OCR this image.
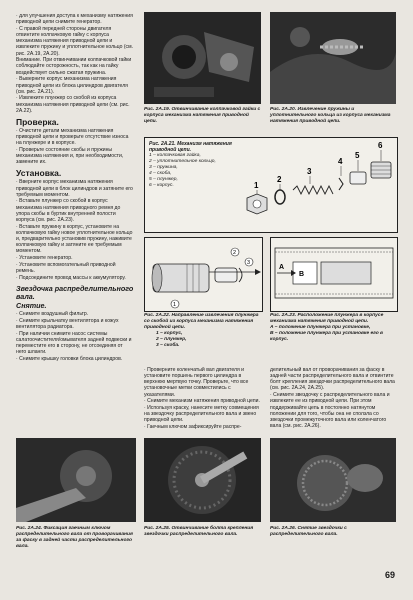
· для улучшения доступа к механизму натяжения приводной цепи снимите генератор.

· С правой передней стороны двигателя отвинтите колпачковую гайку с корпуса механизма натяжения приводной цепи и извлеките пружину и уплотнительное кольцо (см. рис. 2А.19, 2А.20).

Внимание. При отвинчивании колпачковой гайки соблюдайте осторожность, так как на гайку воздействует сильно сжатая пружина.

· Выверните корпус механизма натяжения приводной цепи из блока цилиндров двигателя (см. рис. 2А.21).

· Извлеките плунжер со скобой из корпуса механизма натяжения приводной цепи (см. рис. 2А.22).

Проверка.

· Очистите детали механизма натяжения приводной цепи и проверьте отсутствие износа на плунжере и в корпусе.

· Проверьте состояние скобы и пружины механизма натяжения и, при необходимости, замените их.

Установка.

· Вверните корпус механизма натяжения приводной цепи в блок цилиндров и затяните его требуемым моментом.

· Вставьте плунжер со скобой в корпус механизма натяжения приводного ремня до упора скобы в буртик внутренней полости корпуса (см. рис. 2А.23).

· Вставьте пружину в корпус, установите на колпачковую гайку новое уплотнительное кольцо и, предварительно установив пружину, наживите колпачковую гайку и затяните ее требуемым моментом.

· Установите генератор.

· Установите вспомогательный приводной ремень.

· Подсоедините провод массы к аккумулятору.

Звездочка распределительного вала.
Снятие.

· Снимите воздушный фильтр.

· Снимите крыльчатку вентилятора и кожух вентилятора радиатора.

· При наличии снимите насос системы салатоочистителя/омывателя задней подвески и переместите его в сторону, не отсоединяя от него шланги.

· Снимите крышку головки блока цилиндров.

Рис. 2А.19. Отвинчивание колпачковой гайки с корпуса механизма натяжения приводной цепи.
Рис. 2А.20. Извлечение пружины и уплотнительного кольца из корпуса механизма натяжения приводной цепи.
Рис. 2А.21. Механизм натяжения приводной цепи.
1 – колпачковая гайка,
2 – уплотнительное кольцо,
3 – пружина,
4 – скоба,
5 – плунжер,
6 – корпус.	1
2
3
4
5
6
2
3
1
Рис. 2А.22. Направление извлечения плунжера со скобой из корпуса механизма натяжения приводной цепи.
1 – корпус,
2 – плунжер,
3 – скоба.
A
B
Рис. 2А.23. Расположение плунжера в корпусе механизма натяжения приводной цепи.
A – положение плунжера при установке,
B – положение плунжера при установке его в корпус.

· Проверните коленчатый вал двигателя и установите поршень первого цилиндра в верхнюю мертвую точку. Проверьте, что все установочные метки совместились с указателями.

· Снимите механизм натяжения приводной цепи.

· Используя краску, нанесите метку совмещения на звездочку распределительного вала и звено приводной цепи.

· Гаечным ключом зафиксируйте распре-

делительный вал от проворачивания за фаску в задней части распределительного вала и отвинтите болт крепления звездочки распределительного вала (см. рис. 2А.24, 2А.25).

· Снимите звездочку с распределительного вала и извлеките ее из приводной цепи. При этом поддерживайте цепь в постоянно натянутом положении для того, чтобы она не сползла со звездочки промежуточного вала или коленчатого вала (см. рис. 2А.26).

Рис. 2А.24. Фиксация гаечным ключом распределительного вала от проворачивания за фаску в задней части распределительного вала.
Рис. 2А.25. Отвинчивание болта крепления звездочки распределительного вала.
Рис. 2А.26. Снятие звездочки с распределительного вала.
69
